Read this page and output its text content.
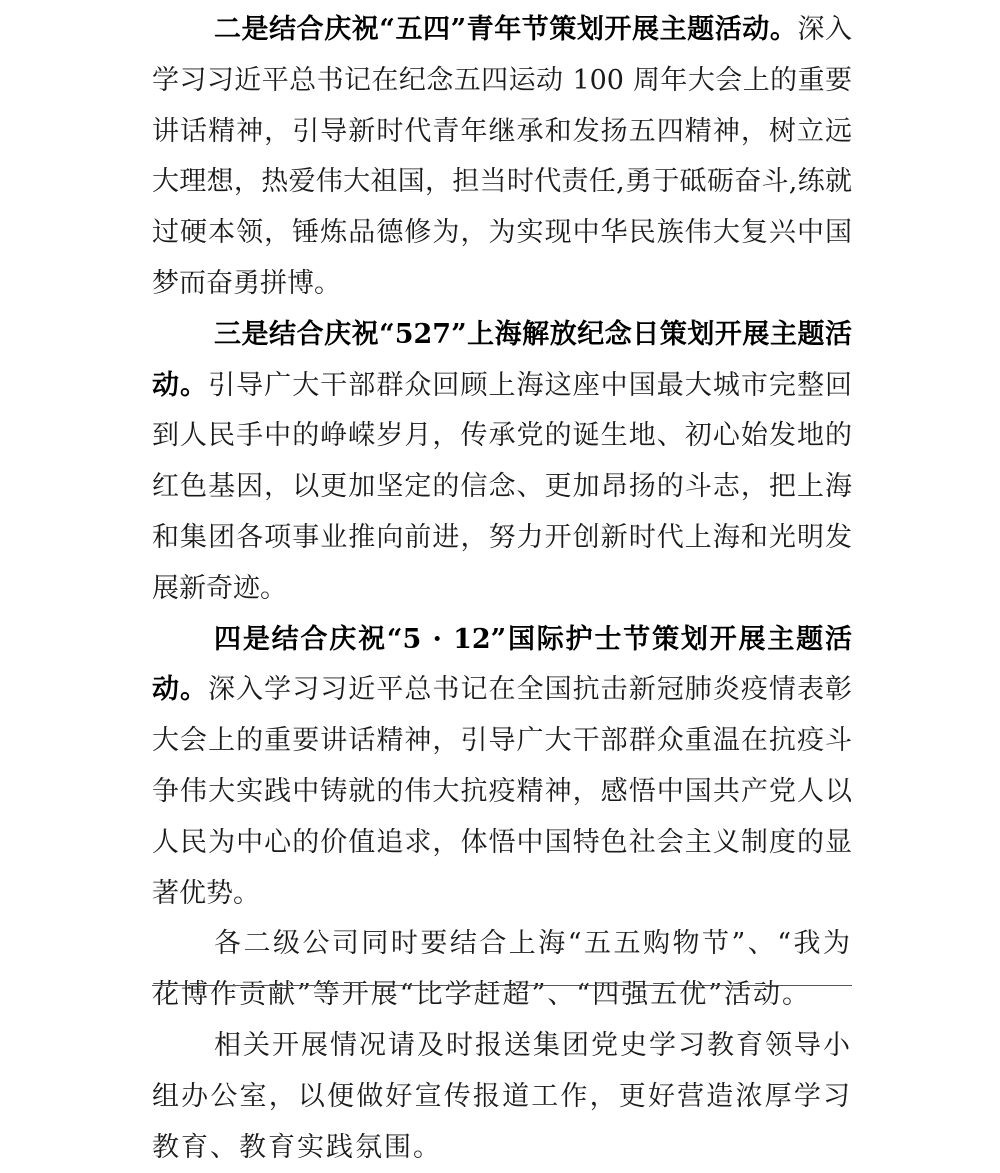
二是结合庆祝“五四”青年节策划开展主题活动。深入学习习近平总书记在纪念五四运动 100 周年大会上的重要讲话精神，引导新时代青年继承和发扬五四精神，树立远大理想，热爱伟大祖国，担当时代责任,勇于砥砺奋斗,练就过硬本领，锤炼品德修为，为实现中华民族伟大复兴中国梦而奋勇拼博。

三是结合庆祝“527”上海解放纪念日策划开展主题活动。引导广大干部群众回顾上海这座中国最大城市完整回到人民手中的峥嵘岁月，传承党的诞生地、初心始发地的红色基因，以更加坚定的信念、更加昂扬的斗志，把上海和集团各项事业推向前进，努力开创新时代上海和光明发展新奇迹。

四是结合庆祝“5 · 12”国际护士节策划开展主题活动。深入学习习近平总书记在全国抗击新冠肺炎疫情表彰大会上的重要讲话精神，引导广大干部群众重温在抗疫斗争伟大实践中铸就的伟大抗疫精神，感悟中国共产党人以人民为中心的价值追求，体悟中国特色社会主义制度的显著优势。

各二级公司同时要结合上海“五五购物节”、“我为花博作贡献”等开展“比学赶超”、“四强五优”活动。

相关开展情况请及时报送集团党史学习教育领导小组办公室，以便做好宣传报道工作，更好营造浓厚学习教育、教育实践氛围。
